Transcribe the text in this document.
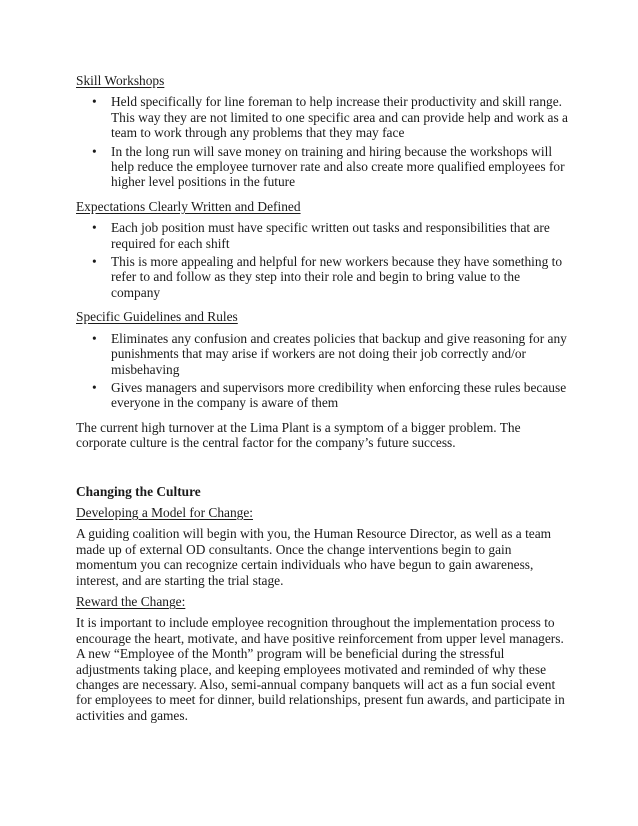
Skill Workshops
• Held specifically for line foreman to help increase their productivity and skill range. This way they are not limited to one specific area and can provide help and work as a team to work through any problems that they may face
• In the long run will save money on training and hiring because the workshops will help reduce the employee turnover rate and also create more qualified employees for higher level positions in the future
Expectations Clearly Written and Defined
• Each job position must have specific written out tasks and responsibilities that are required for each shift
• This is more appealing and helpful for new workers because they have something to refer to and follow as they step into their role and begin to bring value to the company
Specific Guidelines and Rules
• Eliminates any confusion and creates policies that backup and give reasoning for any punishments that may arise if workers are not doing their job correctly and/or misbehaving
• Gives managers and supervisors more credibility when enforcing these rules because everyone in the company is aware of them

The current high turnover at the Lima Plant is a symptom of a bigger problem. The corporate culture is the central factor for the company’s future success.

Changing the Culture
Developing a Model for Change:

A guiding coalition will begin with you, the Human Resource Director, as well as a team made up of external OD consultants. Once the change interventions begin to gain momentum you can recognize certain individuals who have begun to gain awareness, interest, and are starting the trial stage.

Reward the Change:

It is important to include employee recognition throughout the implementation process to encourage the heart, motivate, and have positive reinforcement from upper level managers. A new “Employee of the Month” program will be beneficial during the stressful adjustments taking place, and keeping employees motivated and reminded of why these changes are necessary. Also, semi-annual company banquets will act as a fun social event for employees to meet for dinner, build relationships, present fun awards, and participate in activities and games.
